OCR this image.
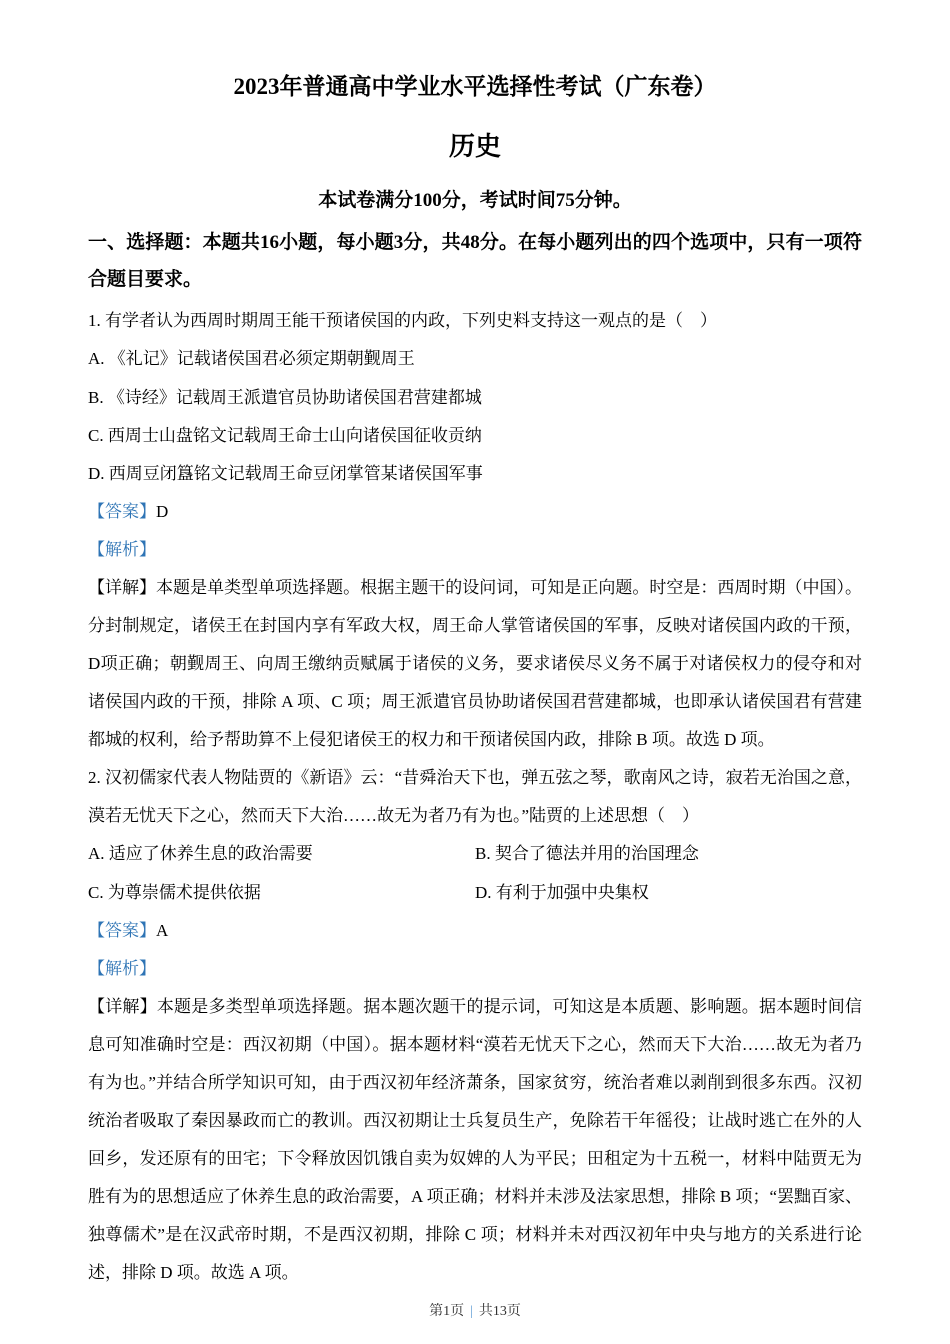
2023年普通高中学业水平选择性考试（广东卷）
历史
本试卷满分100分，考试时间75分钟。
一、选择题：本题共16小题，每小题3分，共48分。在每小题列出的四个选项中，只有一项符合题目要求。

1. 有学者认为西周时期周王能干预诸侯国的内政，下列史料支持这一观点的是（　）

A. 《礼记》记载诸侯国君必须定期朝觐周王

B. 《诗经》记载周王派遣官员协助诸侯国君营建都城

C. 西周士山盘铭文记载周王命士山向诸侯国征收贡纳

D. 西周豆闭簋铭文记载周王命豆闭掌管某诸侯国军事

【答案】D

【解析】

【详解】本题是单类型单项选择题。根据主题干的设问词，可知是正向题。时空是：西周时期（中国）。分封制规定，诸侯王在封国内享有军政大权，周王命人掌管诸侯国的军事，反映对诸侯国内政的干预，D项正确；朝觐周王、向周王缴纳贡赋属于诸侯的义务，要求诸侯尽义务不属于对诸侯权力的侵夺和对诸侯国内政的干预，排除 A 项、C 项；周王派遣官员协助诸侯国君营建都城，也即承认诸侯国君有营建都城的权利，给予帮助算不上侵犯诸侯王的权力和干预诸侯国内政，排除 B 项。故选 D 项。

2. 汉初儒家代表人物陆贾的《新语》云：“昔舜治天下也，弹五弦之琴，歌南风之诗，寂若无治国之意，漠若无忧天下之心，然而天下大治……故无为者乃有为也。”陆贾的上述思想（　）

A. 适应了休养生息的政治需要	B. 契合了德法并用的治国理念

C. 为尊崇儒术提供依据	D. 有利于加强中央集权

【答案】A

【解析】

【详解】本题是多类型单项选择题。据本题次题干的提示词，可知这是本质题、影响题。据本题时间信息可知准确时空是：西汉初期（中国）。据本题材料“漠若无忧天下之心，然而天下大治……故无为者乃有为也。”并结合所学知识可知，由于西汉初年经济萧条，国家贫穷，统治者难以剥削到很多东西。汉初统治者吸取了秦因暴政而亡的教训。西汉初期让士兵复员生产，免除若干年徭役；让战时逃亡在外的人回乡，发还原有的田宅；下令释放因饥饿自卖为奴婢的人为平民；田租定为十五税一，材料中陆贾无为胜有为的思想适应了休养生息的政治需要，A 项正确；材料并未涉及法家思想，排除 B 项；“罢黜百家、独尊儒术”是在汉武帝时期，不是西汉初期，排除 C 项；材料并未对西汉初年中央与地方的关系进行论述，排除 D 项。故选 A 项。

第1页 | 共13页
